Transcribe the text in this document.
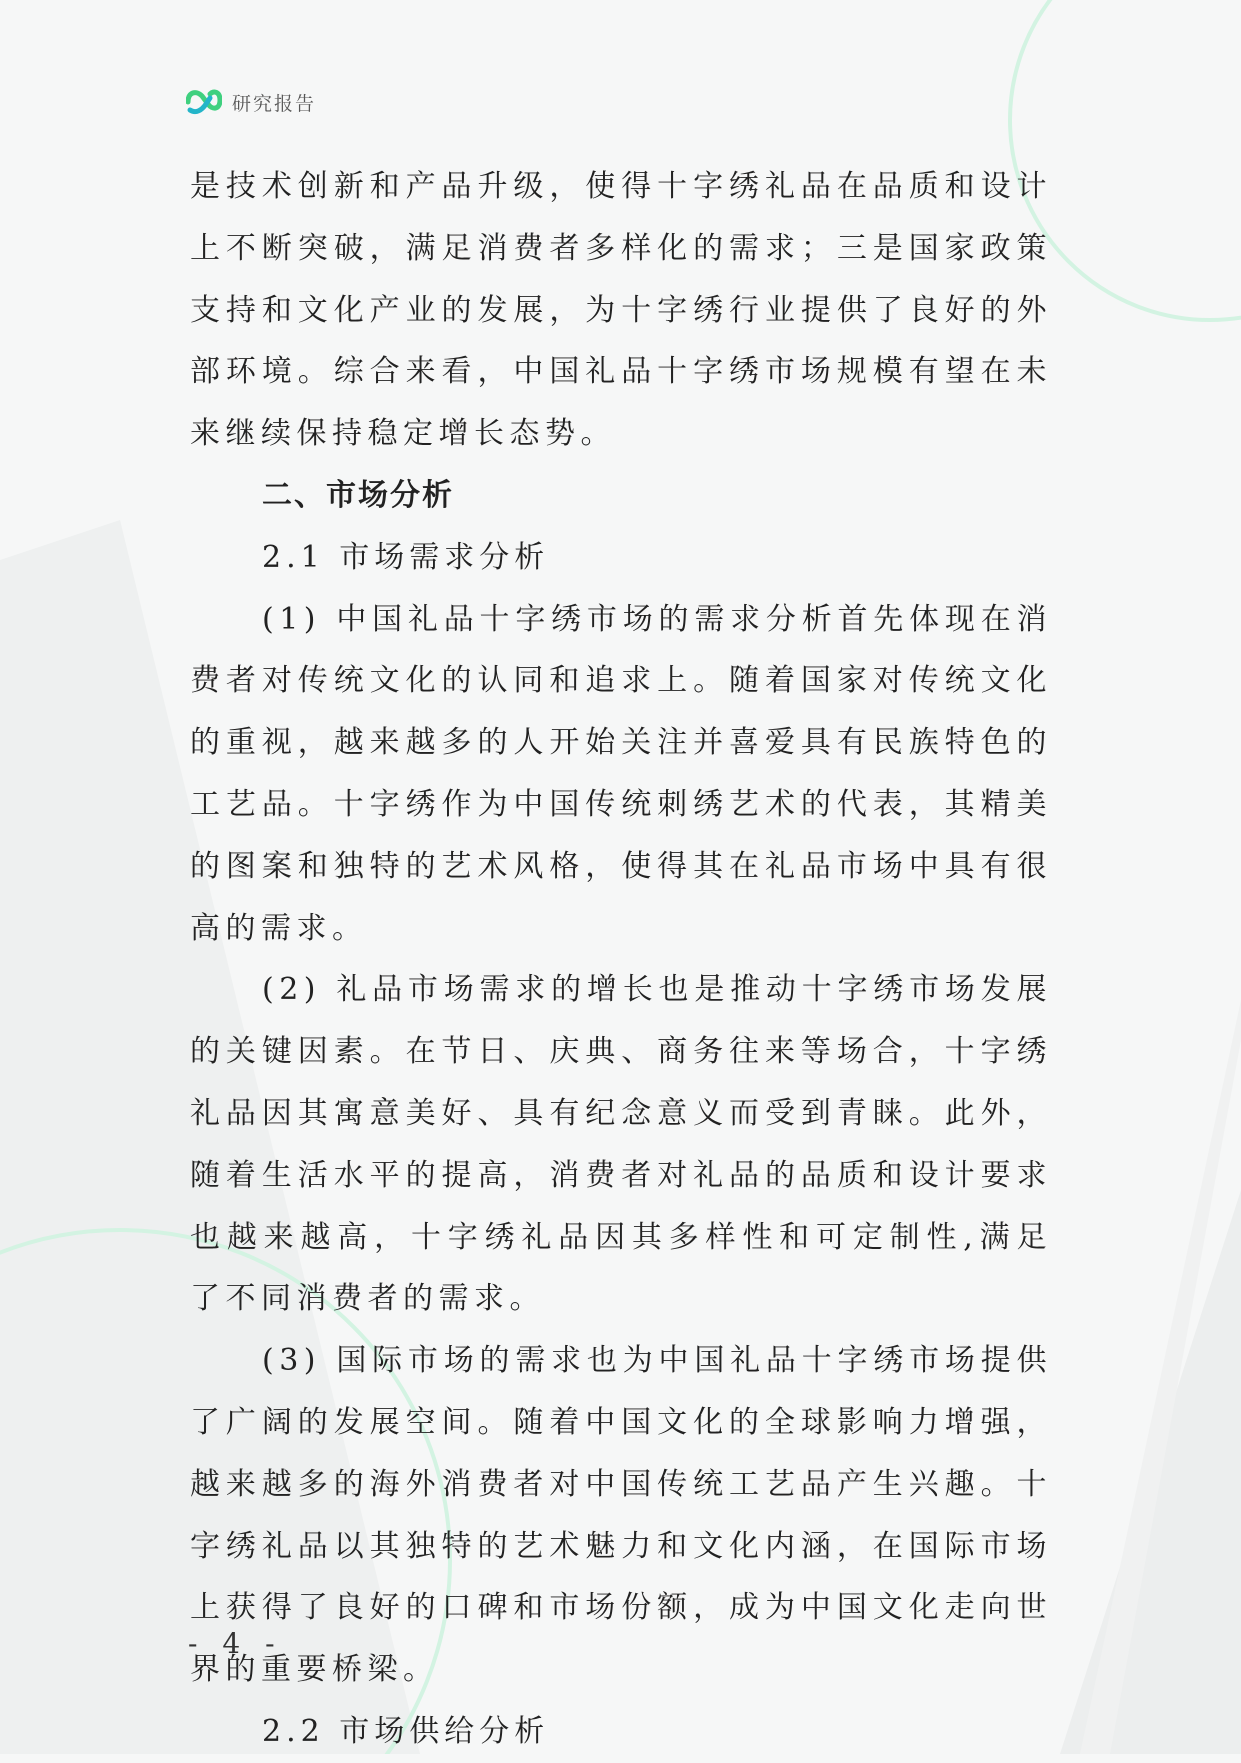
研究报告

是技术创新和产品升级，使得十字绣礼品在品质和设计上不断突破，满足消费者多样化的需求；三是国家政策支持和文化产业的发展，为十字绣行业提供了良好的外部环境。综合来看，中国礼品十字绣市场规模有望在未来继续保持稳定增长态势。

二、市场分析

2.1 市场需求分析

(1) 中国礼品十字绣市场的需求分析首先体现在消费者对传统文化的认同和追求上。随着国家对传统文化的重视，越来越多的人开始关注并喜爱具有民族特色的工艺品。十字绣作为中国传统刺绣艺术的代表，其精美的图案和独特的艺术风格，使得其在礼品市场中具有很高的需求。

(2) 礼品市场需求的增长也是推动十字绣市场发展的关键因素。在节日、庆典、商务往来等场合，十字绣礼品因其寓意美好、具有纪念意义而受到青睐。此外，随着生活水平的提高，消费者对礼品的品质和设计要求也越来越高，十字绣礼品因其多样性和可定制性,满足了不同消费者的需求。

(3) 国际市场的需求也为中国礼品十字绣市场提供了广阔的发展空间。随着中国文化的全球影响力增强，越来越多的海外消费者对中国传统工艺品产生兴趣。十字绣礼品以其独特的艺术魅力和文化内涵，在国际市场上获得了良好的口碑和市场份额，成为中国文化走向世界的重要桥梁。

2.2 市场供给分析

- 4 -
